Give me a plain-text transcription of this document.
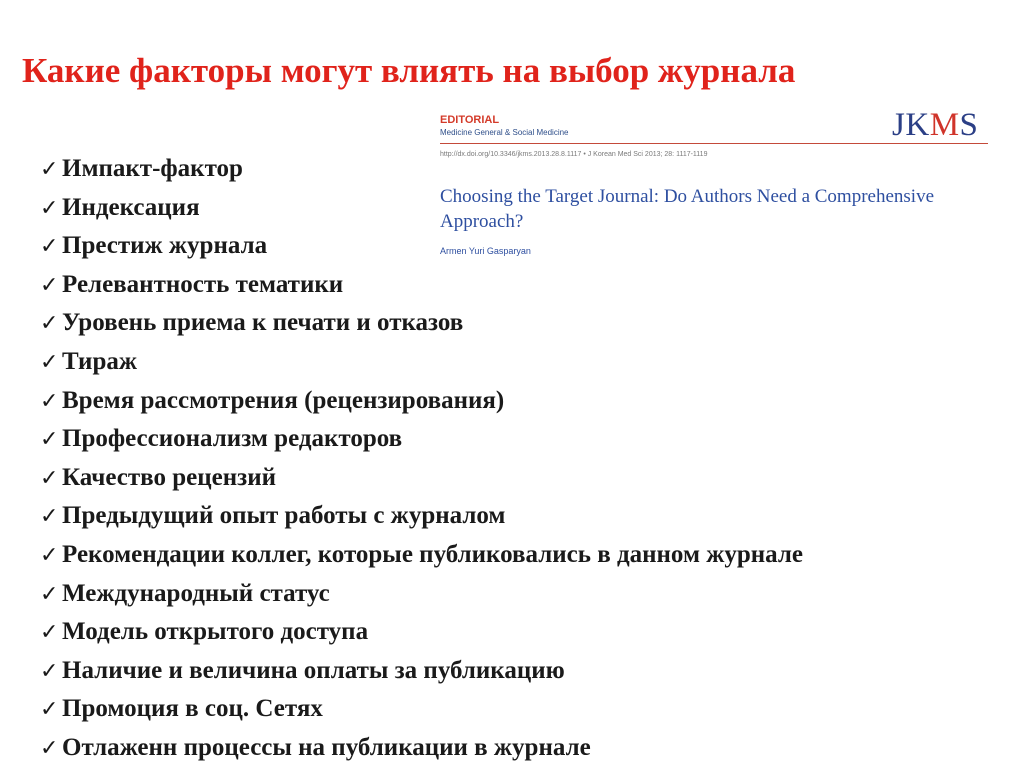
Какие факторы могут влиять на выбор журнала
EDITORIAL
Medicine General & Social Medicine	JKMS
http://dx.doi.org/10.3346/jkms.2013.28.8.1117 • J Korean Med Sci 2013; 28: 1117-1119
Choosing the Target Journal: Do Authors Need a Comprehensive Approach?
Armen Yuri Gasparyan
✓ Импакт-фактор
✓ Индексация
✓ Престиж журнала
✓ Релевантность тематики
✓ Уровень приема к печати и отказов
✓ Тираж
✓ Время рассмотрения (рецензирования)
✓ Профессионализм редакторов
✓ Качество рецензий
✓ Предыдущий опыт работы с журналом
✓ Рекомендации коллег, которые публиковались в данном журнале
✓ Международный статус
✓ Модель открытого доступа
✓ Наличие и величина оплаты за публикацию
✓ Промоция в соц. Сетях
✓ Отлаженн процессы на публикации в журнале
